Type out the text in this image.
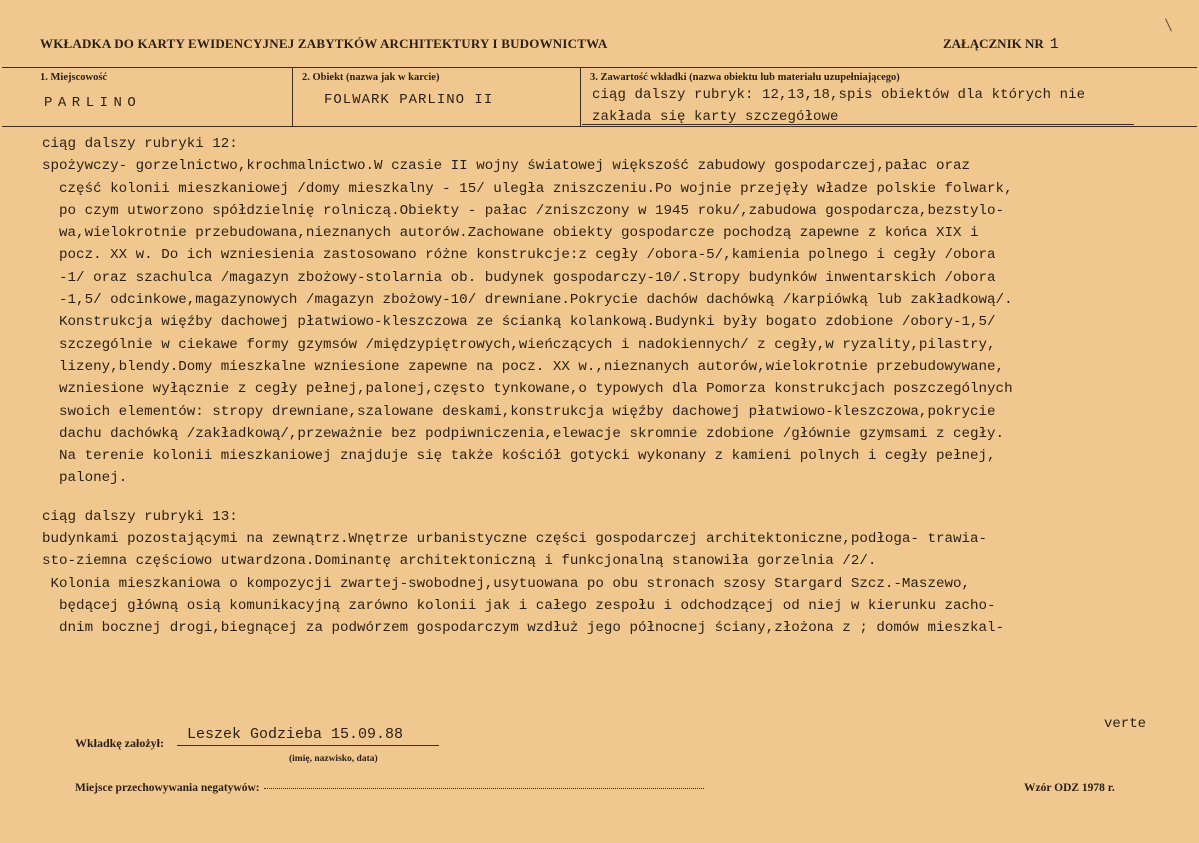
WKŁADKA DO KARTY EWIDENCYJNEJ ZABYTKÓW ARCHITEKTURY I BUDOWNICTWA	ZAŁĄCZNIK NR 1
1. Miejscowość
PARLINO
2. Obiekt (nazwa jak w karcie)
FOLWARK PARLINO II
3. Zawartość wkładki (nazwa obiektu lub materiału uzupełniającego)
ciąg dalszy rubryk: 12,13,18,spis obiektów dla których nie
zakłada się karty szczegółowe
ciąg dalszy rubryki 12:
spożywczy- gorzelnictwo,krochmalnictwo.W czasie II wojny światowej większość zabudowy gospodarczej,pałac oraz
część kolonii mieszkaniowej /domy mieszkalny - 15/ uległa zniszczeniu.Po wojnie przejęły władze polskie folwark,
po czym utworzono spółdzielnię rolniczą.Obiekty - pałac /zniszczony w 1945 roku/,zabudowa gospodarcza,bezstylo-
wa,wielokrotnie przebudowana,nieznanych autorów.Zachowane obiekty gospodarcze pochodzą zapewne z końca XIX i
pocz. XX w. Do ich wzniesienia zastosowano różne konstrukcje:z cegły /obora-5/,kamienia polnego i cegły /obora
-1/ oraz szachulca /magazyn zbożowy-stolarnia ob. budynek gospodarczy-10/.Stropy budynków inwentarskich /obora
-1,5/ odcinkowe,magazynowych /magazyn zbożowy-10/ drewniane.Pokrycie dachów dachówką /karpiówką lub zakładkową/.
Konstrukcja więźby dachowej płatwiowo-kleszczowa ze ścianką kolankową.Budynki były bogato zdobione /obory-1,5/
szczególnie w ciekawe formy gzymsów /międzypiętrowych,wieńczących i nadokiennych/ z cegły,w ryzality,pilastry,
lizeny,blendy.Domy mieszkalne wzniesione zapewne na pocz. XX w.,nieznanych autorów,wielokrotnie przebudowywane,
wzniesione wyłącznie z cegły pełnej,palonej,często tynkowane,o typowych dla Pomorza konstrukcjach poszczególnych
swoich elementów: stropy drewniane,szalowane deskami,konstrukcja więźby dachowej płatwiowo-kleszczowa,pokrycie
dachu dachówką /zakładkową/,przeważnie bez podpiwniczenia,elewacje skromnie zdobione /głównie gzymsami z cegły.
Na terenie kolonii mieszkaniowej znajduje się także kościół gotycki wykonany z kamieni polnych i cegły pełnej,
palonej.
ciąg dalszy rubryki 13:
budynkami pozostającymi na zewnątrz.Wnętrze urbanistyczne części gospodarczej architektoniczne,podłoga- trawia-
sto-ziemna częściowo utwardzona.Dominantę architektoniczną i funkcjonalną stanowiła gorzelnia /2/.
Kolonia mieszkaniowa o kompozycji zwartej-swobodnej,usytuowana po obu stronach szosy Stargard Szcz.-Maszewo,
będącej główną osią komunikacyjną zarówno kolonii jak i całego zespołu i odchodzącej od niej w kierunku zacho-
dnim bocznej drogi,biegnącej za podwórzem gospodarczym wzdłuż jego północnej ściany,złożona z ; domów mieszkal-
Wkładkę założył: Leszek Godzieba 15.09.88
(imię, nazwisko, data)
verte
Miejsce przechowywania negatywów:	Wzór ODZ 1978 r.
